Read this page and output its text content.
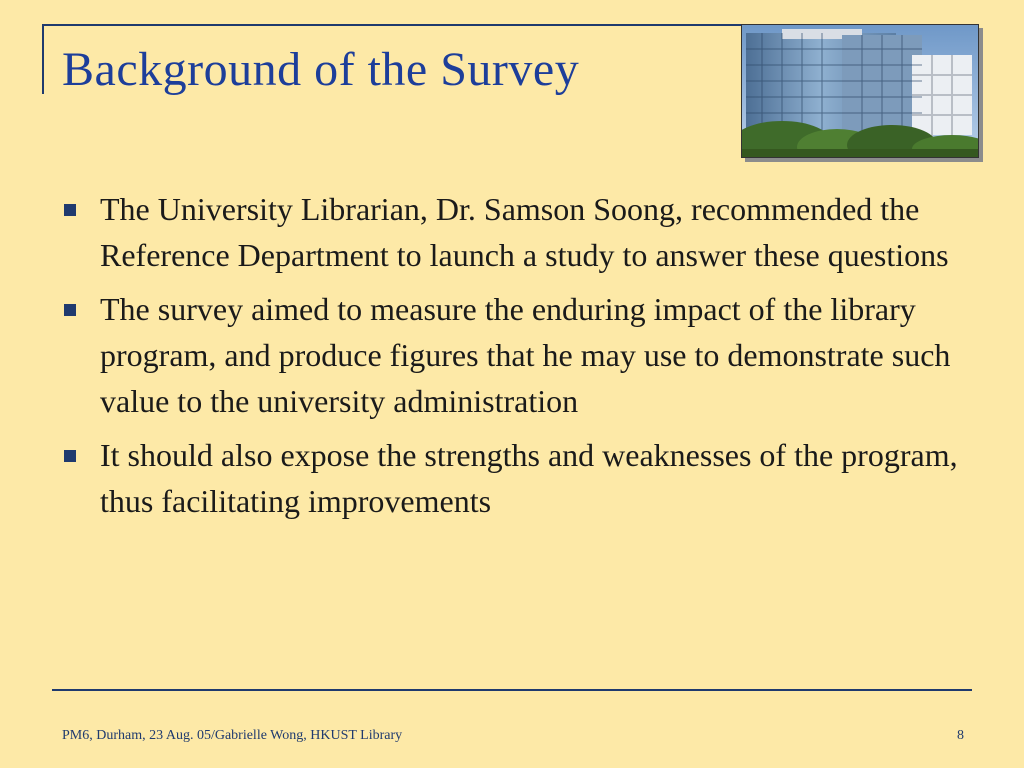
Background of the Survey
The University Librarian, Dr. Samson Soong, recommended the Reference Department to launch a study to answer these questions
The survey aimed to measure the enduring impact of the library program, and produce figures that he may use to demonstrate such value to the university administration
It should also expose the strengths and weaknesses of the program, thus facilitating improvements
PM6, Durham, 23 Aug. 05/Gabrielle Wong, HKUST Library	8
